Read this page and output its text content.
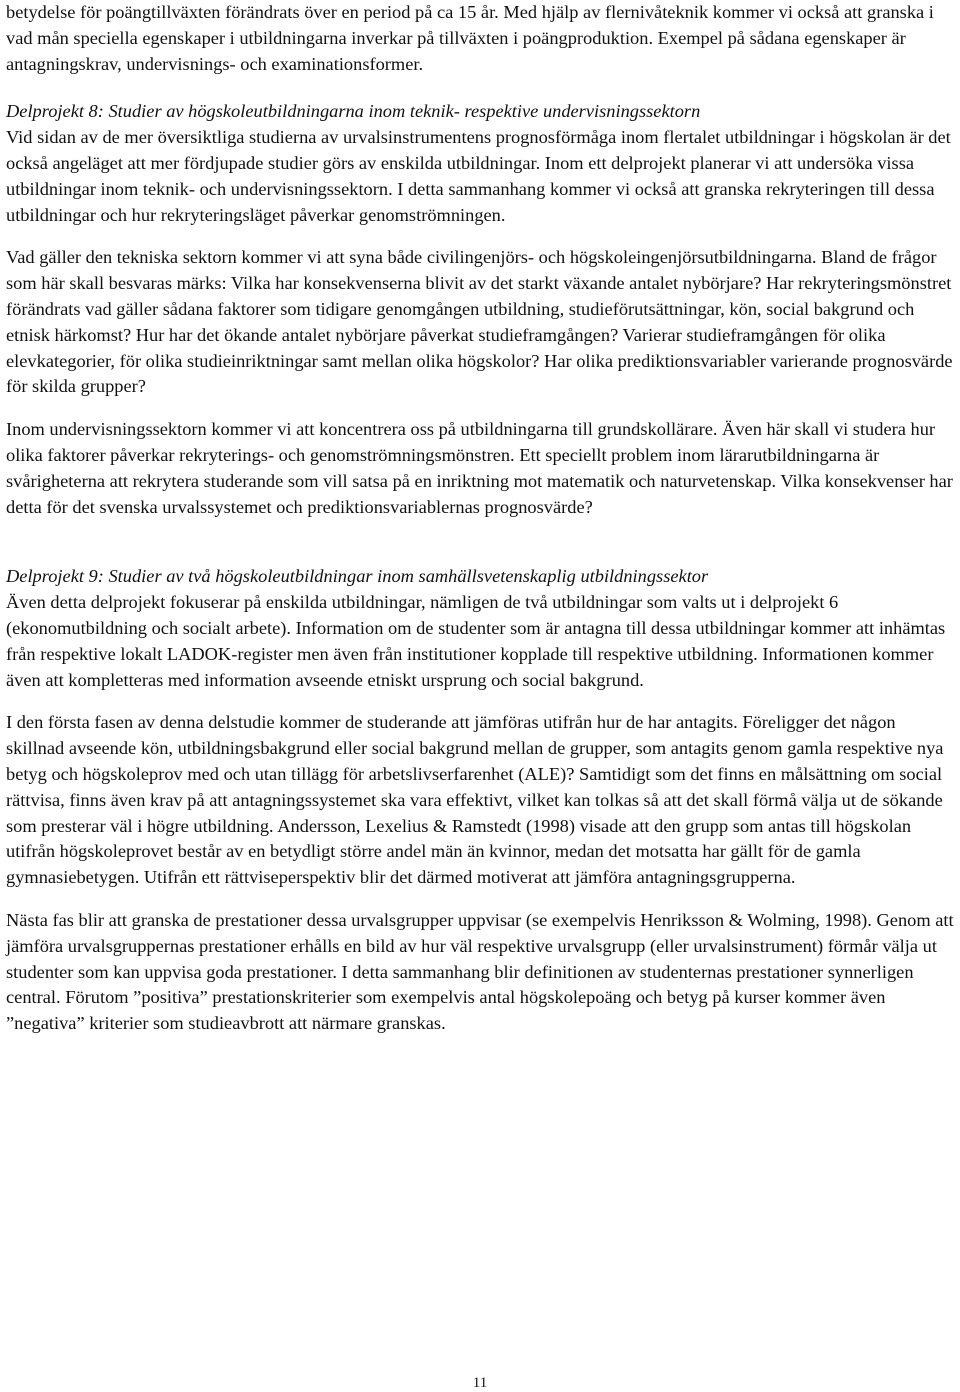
betydelse för poängtillväxten förändrats över en period på ca 15 år. Med hjälp av flernivåteknik kommer vi också att granska i vad mån speciella egenskaper i utbildningarna inverkar på tillväxten i poängproduktion. Exempel på sådana egenskaper är antagningskrav, undervisnings- och examinationsformer.

Delprojekt 8: Studier av högskoleutbildningarna inom teknik- respektive undervisningssektorn

Vid sidan av de mer översiktliga studierna av urvalsinstrumentens prognosförmåga inom flertalet utbildningar i högskolan är det också angeläget att mer fördjupade studier görs av enskilda utbildningar. Inom ett delprojekt planerar vi att undersöka vissa utbildningar inom teknik- och undervisningssektorn. I detta sammanhang kommer vi också att granska rekryteringen till dessa utbildningar och hur rekryteringsläget påverkar genomströmningen.

Vad gäller den tekniska sektorn kommer vi att syna både civilingenjörs- och högskoleingenjörsutbildningarna. Bland de frågor som här skall besvaras märks: Vilka har konsekvenserna blivit av det starkt växande antalet nybörjare? Har rekryteringsmönstret förändrats vad gäller sådana faktorer som tidigare genomgången utbildning, studieförutsättningar, kön, social bakgrund och etnisk härkomst? Hur har det ökande antalet nybörjare påverkat studieframgången? Varierar studieframgången för olika elevkategorier, för olika studieinriktningar samt mellan olika högskolor? Har olika prediktionsvariabler varierande prognosvärde för skilda grupper?

Inom undervisningssektorn kommer vi att koncentrera oss på utbildningarna till grundskollärare. Även här skall vi studera hur olika faktorer påverkar rekryterings- och genomströmningsmönstren. Ett speciellt problem inom lärarutbildningarna är svårigheterna att rekrytera studerande som vill satsa på en inriktning mot matematik och naturvetenskap. Vilka konsekvenser har detta för det svenska urvalssystemet och prediktionsvariablernas prognosvärde?

Delprojekt 9: Studier av två högskoleutbildningar inom samhällsvetenskaplig utbildningssektor

Även detta delprojekt fokuserar på enskilda utbildningar, nämligen de två utbildningar som valts ut i delprojekt 6 (ekonomutbildning och socialt arbete). Information om de studenter som är antagna till dessa utbildningar kommer att inhämtas från respektive lokalt LADOK-register men även från institutioner kopplade till respektive utbildning. Informationen kommer även att kompletteras med information avseende etniskt ursprung och social bakgrund.

I den första fasen av denna delstudie kommer de studerande att jämföras utifrån hur de har antagits. Föreligger det någon skillnad avseende kön, utbildningsbakgrund eller social bakgrund mellan de grupper, som antagits genom gamla respektive nya betyg och högskoleprov med och utan tillägg för arbetslivserfarenhet (ALE)? Samtidigt som det finns en målsättning om social rättvisa, finns även krav på att antagningssystemet ska vara effektivt, vilket kan tolkas så att det skall förmå välja ut de sökande som presterar väl i högre utbildning. Andersson, Lexelius & Ramstedt (1998) visade att den grupp som antas till högskolan utifrån högskoleprovet består av en betydligt större andel män än kvinnor, medan det motsatta har gällt för de gamla gymnasiebetygen. Utifrån ett rättviseperspektiv blir det därmed motiverat att jämföra antagningsgrupperna.

Nästa fas blir att granska de prestationer dessa urvalsgrupper uppvisar (se exempelvis Henriksson & Wolming, 1998). Genom att jämföra urvalsgruppernas prestationer erhålls en bild av hur väl respektive urvalsgrupp (eller urvalsinstrument) förmår välja ut studenter som kan uppvisa goda prestationer. I detta sammanhang blir definitionen av studenternas prestationer synnerligen central. Förutom ”positiva” prestationskriterier som exempelvis antal högskolepoäng och betyg på kurser kommer även ”negativa” kriterier som studieavbrott att närmare granskas.

11
